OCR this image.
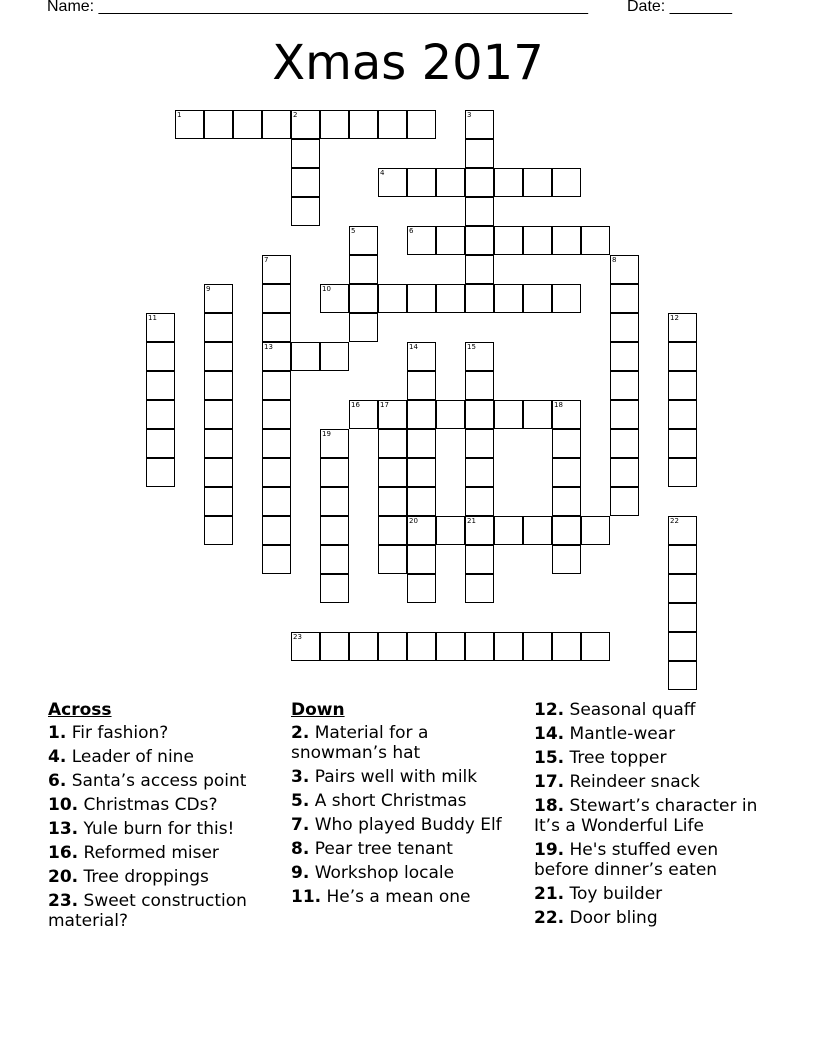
Name: _______________________________________________________ Date: _______
Xmas 2017
1	2	3
4
5	6
7
13
8
9	10
11	12
14
20
15
21
16	17	18
19
22
23
Across
1. Fir fashion?
4. Leader of nine
6. Santa’s access point
10. Christmas CDs?
13. Yule burn for this!
16. Reformed miser
20. Tree droppings
23. Sweet construction material?
Down
2. Material for a snowman’s hat
3. Pairs well with milk
5. A short Christmas
7. Who played Buddy Elf
8. Pear tree tenant
9. Workshop locale
11. He’s a mean one
12. Seasonal quaff
14. Mantle-wear
15. Tree topper
17. Reindeer snack
18. Stewart’s character in It’s a Wonderful Life
19. He's stuffed even before dinner’s eaten
21. Toy builder
22. Door bling
